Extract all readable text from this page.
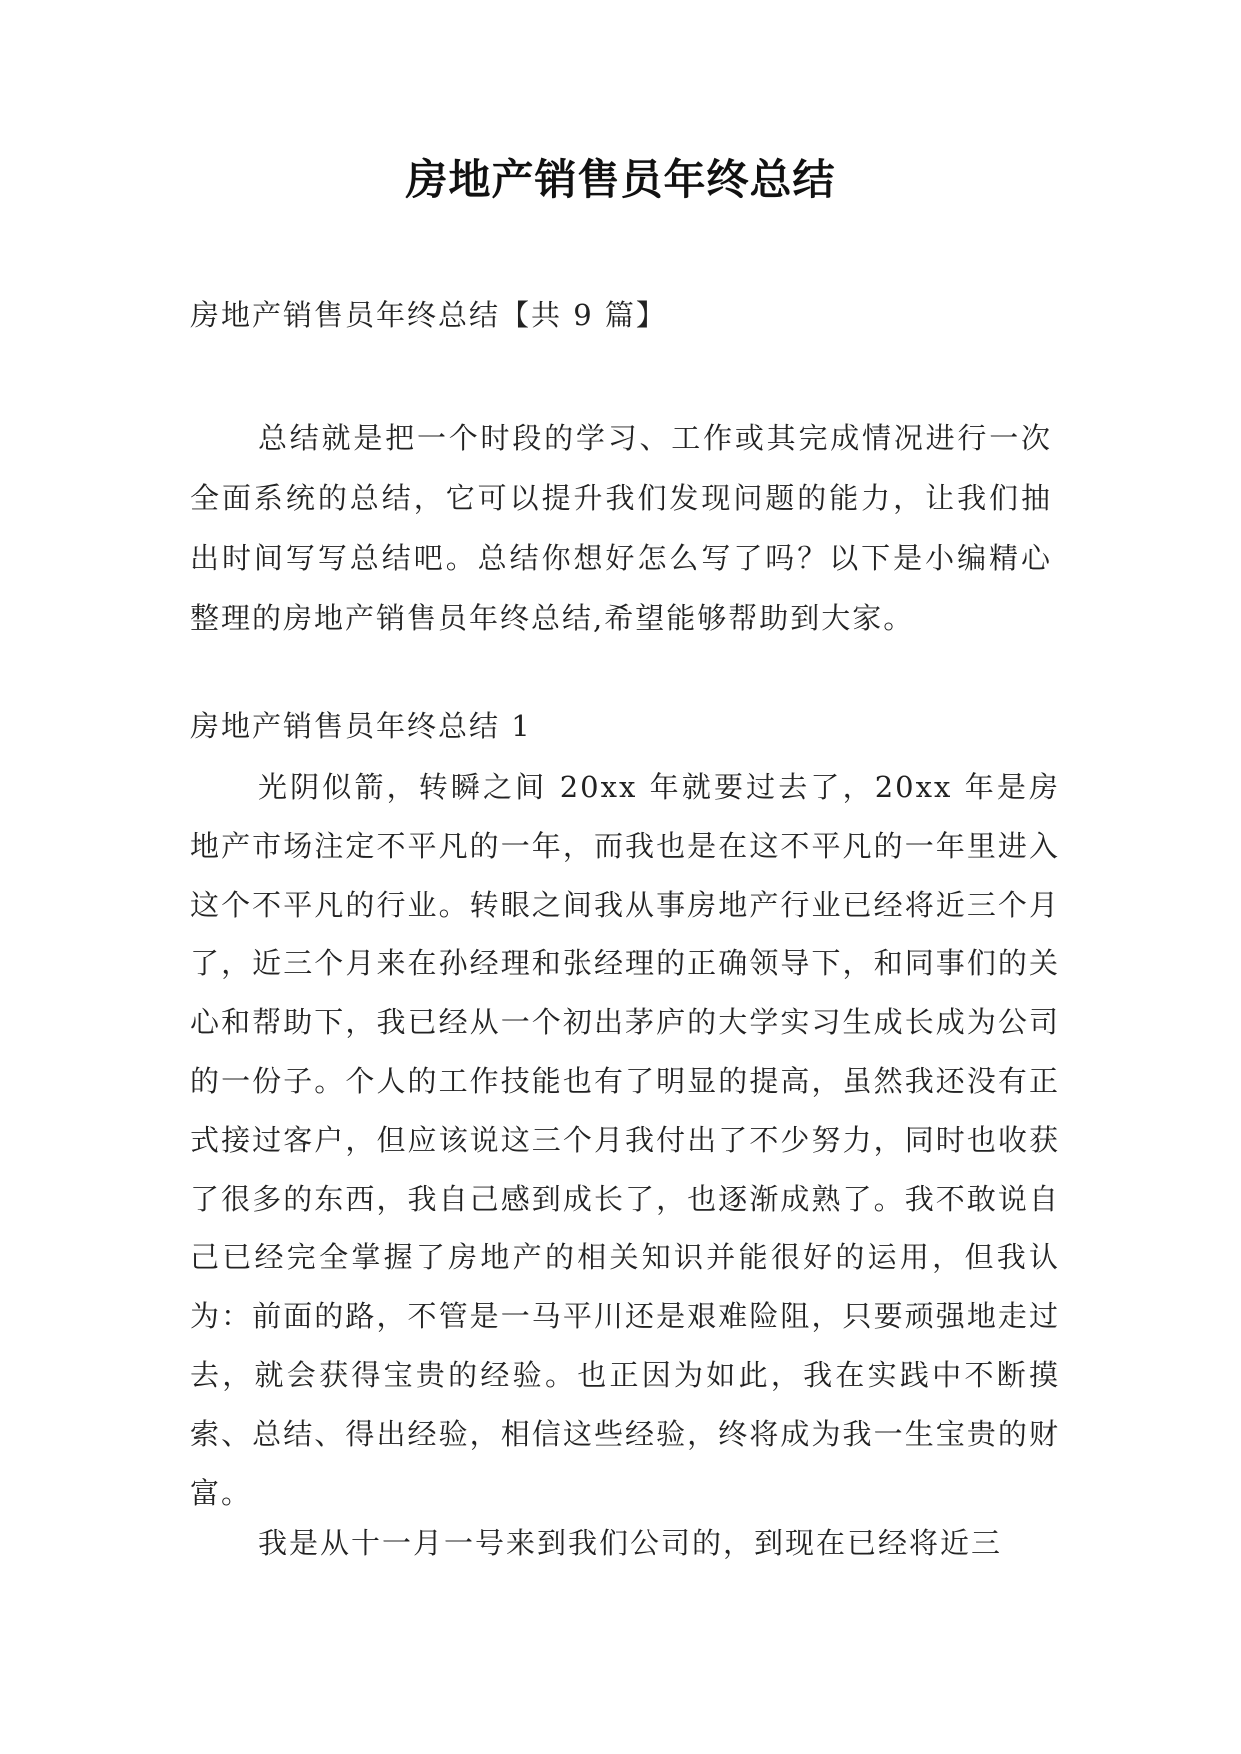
房地产销售员年终总结

房地产销售员年终总结【共 9 篇】

总结就是把一个时段的学习、工作或其完成情况进行一次全面系统的总结，它可以提升我们发现问题的能力，让我们抽出时间写写总结吧。总结你想好怎么写了吗？以下是小编精心整理的房地产销售员年终总结,希望能够帮助到大家。

房地产销售员年终总结 1

光阴似箭，转瞬之间 20xx 年就要过去了，20xx 年是房地产市场注定不平凡的一年，而我也是在这不平凡的一年里进入这个不平凡的行业。转眼之间我从事房地产行业已经将近三个月了，近三个月来在孙经理和张经理的正确领导下，和同事们的关心和帮助下，我已经从一个初出茅庐的大学实习生成长成为公司的一份子。个人的工作技能也有了明显的提高，虽然我还没有正式接过客户，但应该说这三个月我付出了不少努力，同时也收获了很多的东西，我自己感到成长了，也逐渐成熟了。我不敢说自己已经完全掌握了房地产的相关知识并能很好的运用，但我认为：前面的路，不管是一马平川还是艰难险阻，只要顽强地走过去，就会获得宝贵的经验。也正因为如此，我在实践中不断摸索、总结、得出经验，相信这些经验，终将成为我一生宝贵的财富。

我是从十一月一号来到我们公司的，到现在已经将近三
